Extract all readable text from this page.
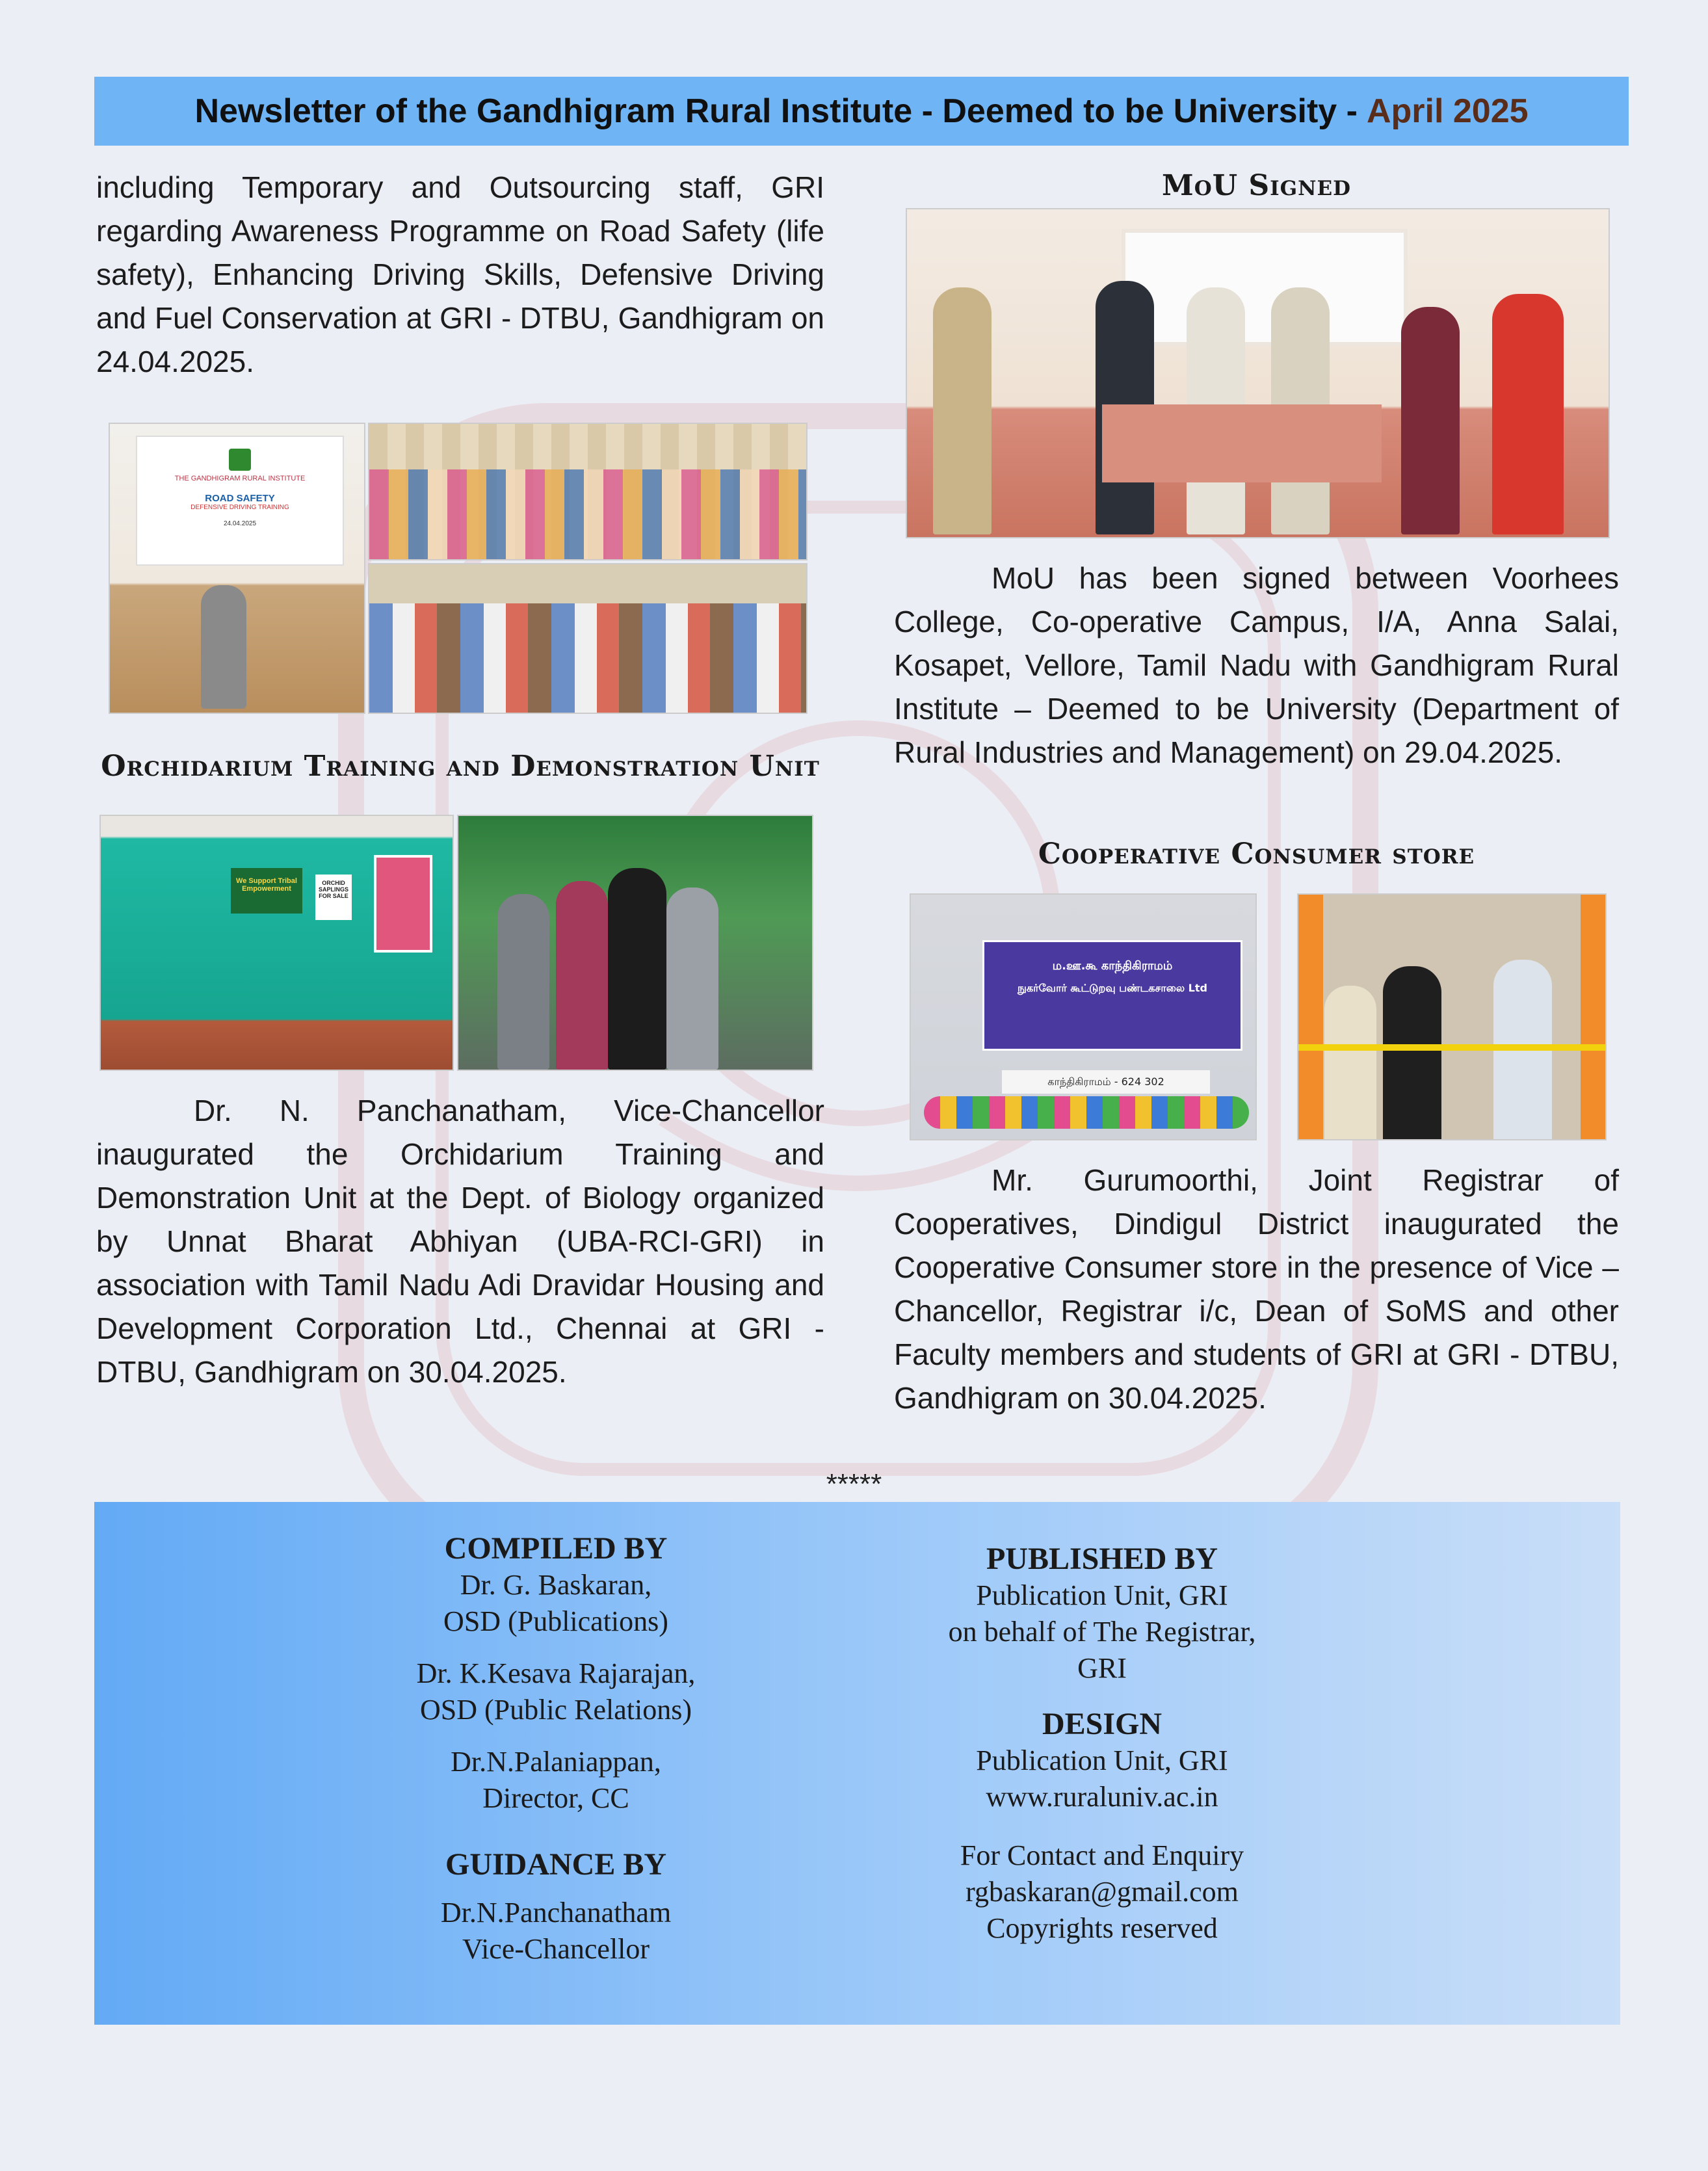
Newsletter of the Gandhigram Rural Institute - Deemed to be University - April 2025

including Temporary and Outsourcing staff, GRI regarding Awareness Programme on Road Safety (life safety), Enhancing Driving Skills, Defensive Driving and Fuel Conservation at GRI - DTBU, Gandhigram on 24.04.2025.

THE GANDHIGRAM RURAL INSTITUTE
ROAD SAFETY
DEFENSIVE DRIVING TRAINING
24.04.2025
Orchidarium Training and Demonstration Unit
We Support Tribal Empowerment
ORCHID SAPLINGS FOR SALE

Dr. N. Panchanatham, Vice-Chancellor inaugurated the Orchidarium Training and Demonstration Unit at the Dept. of Biology organized by Unnat Bharat Abhiyan (UBA-RCI-GRI) in association with Tamil Nadu Adi Dravidar Housing and Development Corporation Ltd., Chennai at GRI - DTBU, Gandhigram on 30.04.2025.

MoU Signed

MoU has been signed between Voorhees College, Co-operative Campus, I/A, Anna Salai, Kosapet, Vellore, Tamil Nadu with Gandhigram Rural Institute – Deemed to be University (Department of Rural Industries and Management) on 29.04.2025.

Cooperative Consumer store
ம.ஊ.கூ காந்திகிராமம்
நுகர்வோர் கூட்டுறவு பண்டகசாலை Ltd
காந்திகிராமம் - 624 302

Mr. Gurumoorthi, Joint Registrar of Cooperatives, Dindigul District inaugurated the Cooperative Consumer store in the presence of Vice – Chancellor, Registrar i/c, Dean of SoMS and other Faculty members and students of GRI at GRI - DTBU, Gandhigram on 30.04.2025.

*****
COMPILED BY
Dr. G. Baskaran,
OSD (Publications)
Dr. K.Kesava Rajarajan,
OSD (Public Relations)
Dr.N.Palaniappan,
Director, CC
GUIDANCE BY
Dr.N.Panchanatham
Vice-Chancellor
PUBLISHED BY
Publication Unit, GRI
on behalf of The Registrar,
GRI
DESIGN
Publication Unit, GRI
www.ruraluniv.ac.in
For Contact and Enquiry
rgbaskaran@gmail.com
Copyrights reserved
